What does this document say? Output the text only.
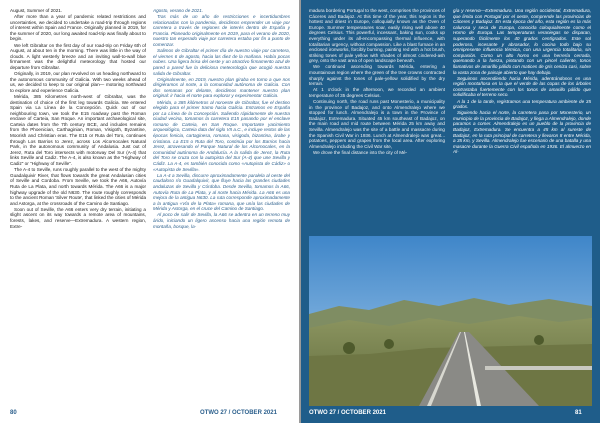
August, Summer of 2021.

After more than a year of pandemic related restrictions and uncertainties, we decided to undertake a road-trip through regions of interest within Spain and France. Originally planned in 2019, for the summer of 2020, our long awaited road-trip was finally about to begin.

We left Gibraltar on the first day of our road-trip on Friday 6th of August, at about ten in the morning. There was little in the way of clouds. A light westerly breeze and an inviting wall-to-wall blue firmament was the delightful meteorology that hosted our departure from Gibraltar.

Originally, in 2019, our plan revolved on us heading northward to the autonomous community of Galicia. With two weeks ahead of us, we decided to keep to our original plan— motoring northward to explore and experience Galicia.

Mérida, 385 Kilometres north-west of Gibraltar, was the destination of choice of the first leg towards Galicia. We entered Spain via La Línea de la Concepción. Quick out of our neighbouring town, we took the E15 roadway past the Roman enclave of Carteia, San Roque. An important archaeological site, Carteia dates from the 7th century BCE, and includes remains from the Phoenician, Carthaginian, Roman, Visigoth, Byzantine, Moorish and Christian eras. The E15 or Ruta del Toro, continues through Los Barrios to Jerez, across Los Alcornocales Natural Park, in the autonomous community of Andalusia. Just out of Jerez, Ruta del Toro intersects with motorway Del Sur (A-4) that links Seville and Cadiz. The A-4, is also known as the "Highway of Cadiz" or "Highway of Seville".

The A-4 to Seville, runs roughly parallel to the west of the mighty Guadalquivir River, that flows towards the great Andalusian cities of Seville and Cordoba. From Seville, we took the A66, Autovía Ruta de La Plata, and north towards Mérida. The A66 is a major highway upgrade of the old N630. The route roughly corresponds to the ancient Roman 'Silver Route', that linked the cities of Mérida and Astorga, at the crossroads of the Camino de Santiago.

Soon out of Seville, the A66 enters very dry terrain, initiating a slight ascent on its way towards a remote area of mountains, forests, lakes, and reserve—Extremadura. A western region, Extre-

Agosto, verano de 2021.

Tras más de un año de restricciones e incertidumbres relacionadas con la pandemia, decidimos emprender un viaje por carretera a través de regiones de interés dentro de España y Francia. Planeado originalmente en 2019, para el verano de 2020, nuestro tan esperado viaje por carretera estaba por fin a punto de comenzar.

Salimos de Gibraltar el primer día de nuestro viaje por carretera, el viernes 6 de agosto, hacia las diez de la mañana. Había pocas nubes. Una ligera brisa del oeste y un atractivo firmamento azul de pared a pared fue la deliciosa meteorología que acogió nuestra salida de Gibraltar.

Originalmente, en 2019, nuestro plan giraba en torno a que nos dirigiéramos al norte, a la comunidad autónoma de Galicia. Con dos semanas por delante, decidimos mantener nuestro plan original: ir hacia el norte para explorar y experimentar Galicia.

Mérida, a 385 kilómetros al noroeste de Gibraltar, fue el destino elegido para el primer tramo hacia Galicia. Entramos en España por La Línea de la Concepción. Saliendo rápidamente de nuestra ciudad vecina, tomamos la carretera E15 pasando por el enclave romano de Carteia, en San Roque. Importante yacimiento arqueológico, Carteia data del siglo VII a.C., e incluye restos de las épocas fenicia, cartaginesa, romana, visigoda, bizantina, árabe y cristiana. La E15 o Ruta del Toro, continúa por los Barrios hacia Jerez, atravesando el Parque Natural de los Alcornocales, en la comunidad autónoma de Andalucía. A la salida de Jerez, la Ruta del Toro se cruza con la autopista del Sur (A-4) que une Sevilla y Cádiz. La A-4, es también conocida como «Autopista de Cádiz» o «Autopista de Sevilla».

La A-4 a Sevilla, discurre aproximadamente paralela al oeste del caudaloso río Guadalquivir, que fluye hacia las grandes ciudades andaluzas de Sevilla y Córdoba. Desde Sevilla, tomamos la A66, Autovía Ruta de La Plata, y al norte hacia Mérida. La A66 es una mejora de la antigua N630. La ruta corresponde aproximadamente a la antigua «Vía de la Plata» romana, que unía las ciudades de Mérida y Astorga, en el cruce del Camino de Santiago.

Al poco de salir de Sevilla, la A66 se adentra en un terreno muy árido, iniciando un ligero ascenso hacia una región remota de montaña, bosque, la-

80	OTWO 27 / OCTOBER 2021

madura bordering Portugal to the west, comprises the provinces of Cáceres and Badajoz. At this time of the year, this region is the hottest and driest in Europe, colloquially known as the Oven of Europe. Summer temperatures soar, easily rising well above 40 degrees Celsius. This powerful, incessant, baking sun, cooks up everything under its all-encompassing thermal influence, with totalitarian urgency, without compassion. Like a blast furnace in an enclosed ironworks, forcibly burning, painting red with a hot brush, striking tones of pale yellow with shades of almost cindered-ash grey, onto the vast area of open landscape beneath.

We continued ascending towards Mérida, entering a mountainous region where the green of the tree crowns contracted sharply against the tones of pale-yellow solidified by the dry terrain.

At 1 o'clock in the afternoon, we recorded an ambient temperature of 35 degrees Celsius.

Continuing north, the road runs past Monesterio, a municipality in the province of Badajoz, and onto Almendralejo where we stopped for lunch. Almendralejo is a town in the Province of Badajoz, Extremadura. Situated 45 km southeast of Badajoz, on the main road and mid route between Mérida 25 km away and Sevilla. Almendralejo was the site of a battle and massacre during the Spanish Civil War in 1936. Lunch at Almendralejo was great... potatoes, peppers and grapes from the local area. After exploring Almendralejo including the Civil War site,

We drove the final distance into the city of Mé-

gía y reserva—Extremadura. Una región occidental, Extremadura, que limita con Portugal por el oeste, comprende las provincias de Cáceres y Badajoz. En esta época del año, esta región es la más calurosa y seca de Europa, conocida coloquialmente como el Horno de Europa. Las temperaturas veraniegas se disparan, superando fácilmente los 40 grados centígrados. Este sol poderoso, incesante y abrasador, lo cocina todo bajo su omnipresente influencia térmica, con una urgencia totalitaria, sin compasión. Como un alto horno en una herrería cerrada, quemando a la fuerza, pintando con un pincel caliente, tonos llamativos de amarillo pálido con matices de gris ceniza casi, sobre la vasta zona de paisaje abierto que hay debajo.

Seguimos ascendiendo hacia Mérida, adentrándonos en una región montañosa en la que el verde de las copas de los árboles contrastaba fuertemente con los tonos de amarillo pálido que solidificaba el terreno seco.

A la 1 de la tarde, registramos una temperatura ambiente de 35 grados.

Siguiendo hacia el norte, la carretera pasa por Monesterio, un municipio de la provincia de Badajoz, y llega a Almendralejo, donde paramos a comer. Almendralejo es un pueblo de la provincia de Badajoz, Extremadura. Se encuentra a 45 km al sureste de Badajoz, en la ruta principal de carretera y llevaron 8 entre Mérida, a 35 km, y Sevilla. Almendralejo fue escenario de una batalla y una masacre durante la Guerra Civil española en 1936. El almuerzo en Al-

OTWO 27 / OCTOBER 2021	81
